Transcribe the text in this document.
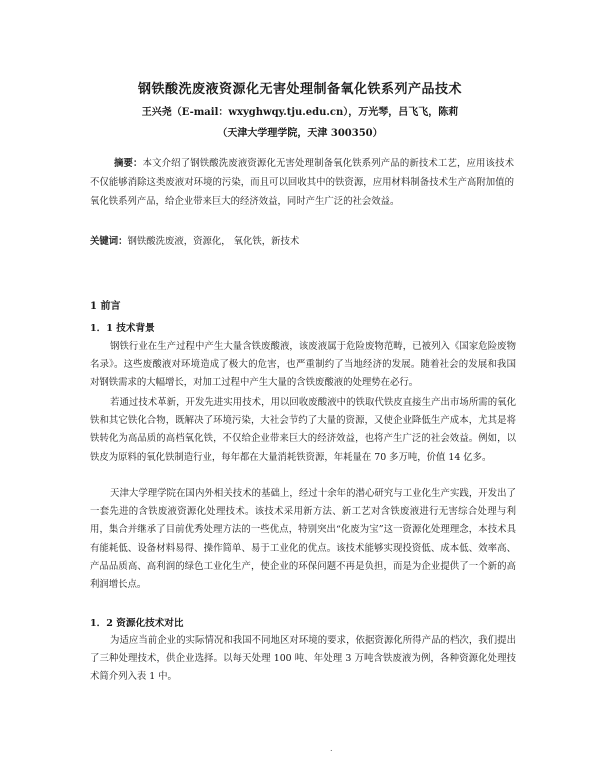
钢铁酸洗废液资源化无害处理制备氧化铁系列产品技术
王兴尧（E-mail：wxyghwqy.tju.edu.cn），万光琴，吕飞飞，陈莉
（天津大学理学院，天津 300350）
摘要：本文介绍了钢铁酸洗废液资源化无害处理制备氧化铁系列产品的新技术工艺，应用该技术不仅能够消除这类废液对环境的污染，而且可以回收其中的铁资源，应用材料制备技术生产高附加值的氧化铁系列产品，给企业带来巨大的经济效益，同时产生广泛的社会效益。
关键词：钢铁酸洗废液，资源化， 氧化铁，新技术
1 前言
1．1 技术背景

钢铁行业在生产过程中产生大量含铁废酸液，该废液属于危险废物范畴，已被列入《国家危险废物名录》。这些废酸液对环境造成了极大的危害，也严重制约了当地经济的发展。随着社会的发展和我国对钢铁需求的大幅增长，对加工过程中产生大量的含铁废酸液的处理势在必行。

若通过技术革新，开发先进实用技术，用以回收废酸液中的铁取代铁皮直接生产出市场所需的氧化铁和其它铁化合物，既解决了环境污染，大社会节约了大量的资源，又使企业降低生产成本，尤其是将铁转化为高品质的高档氧化铁，不仅给企业带来巨大的经济效益，也将产生广泛的社会效益。例如，以铁皮为原料的氧化铁制造行业，每年都在大量消耗铁资源，年耗量在 70 多万吨，价值 14 亿多。

天津大学理学院在国内外相关技术的基础上，经过十余年的潜心研究与工业化生产实践，开发出了一套先进的含铁废液资源化处理技术。该技术采用新方法、新工艺对含铁废液进行无害综合处理与利用，集合并继承了目前优秀处理方法的一些优点，特别突出“化废为宝”这一资源化处理理念，本技术具有能耗低、设备材料易得、操作简单、易于工业化的优点。该技术能够实现投资低、成本低、效率高、产品品质高、高利润的绿色工业化生产，使企业的环保问题不再是负担，而是为企业提供了一个新的高利润增长点。

1．2 资源化技术对比

为适应当前企业的实际情况和我国不同地区对环境的要求，依据资源化所得产品的档次，我们提出了三种处理技术，供企业选择。以每天处理 100 吨、年处理 3 万吨含铁废液为例，各种资源化处理技术简介列入表 1 中。

.
